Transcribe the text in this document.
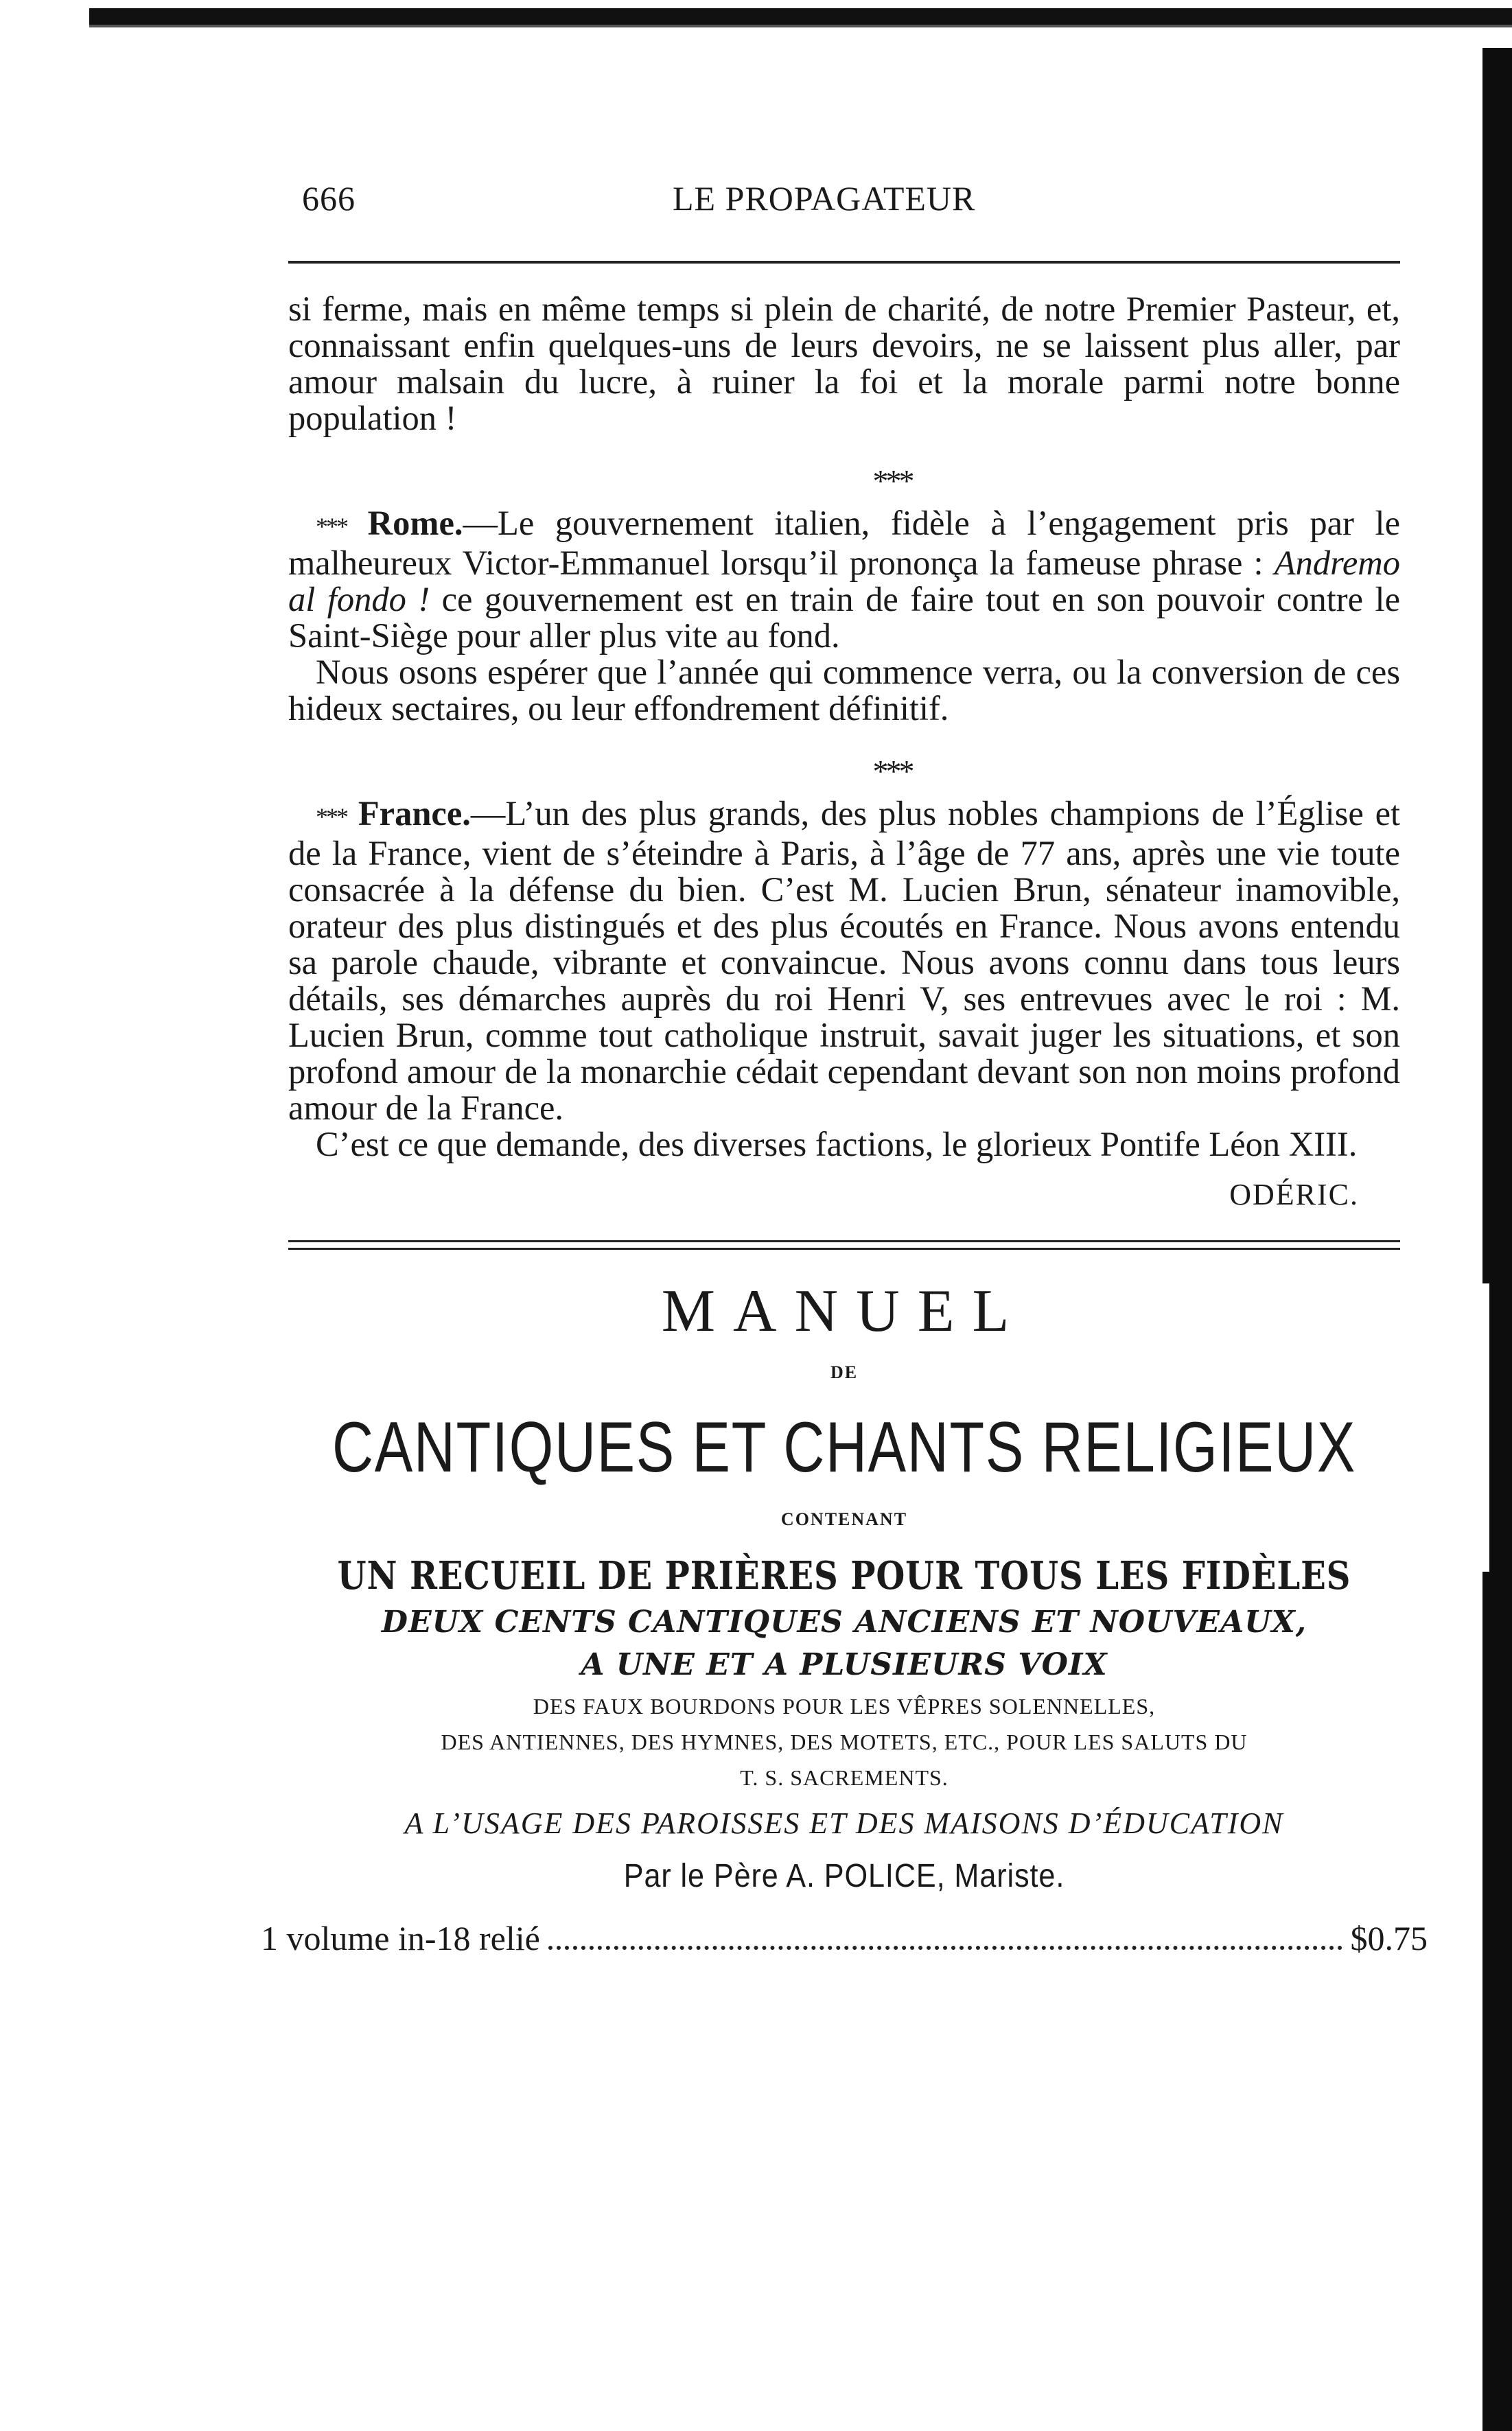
666	LE PROPAGATEUR

si ferme, mais en même temps si plein de charité, de notre Premier Pasteur, et, connaissant enfin quelques-uns de leurs devoirs, ne se laissent plus aller, par amour malsain du lucre, à ruiner la foi et la morale parmi notre bonne population !

***

*** Rome.—Le gouvernement italien, fidèle à l’engagement pris par le malheureux Victor-Emmanuel lorsqu’il prononça la fameuse phrase : Andremo al fondo ! ce gouvernement est en train de faire tout en son pouvoir contre le Saint-Siège pour aller plus vite au fond.

Nous osons espérer que l’année qui commence verra, ou la conversion de ces hideux sectaires, ou leur effondrement définitif.

***

*** France.—L’un des plus grands, des plus nobles champions de l’Église et de la France, vient de s’éteindre à Paris, à l’âge de 77 ans, après une vie toute consacrée à la défense du bien. C’est M. Lucien Brun, sénateur inamovible, orateur des plus distingués et des plus écoutés en France. Nous avons entendu sa parole chaude, vibrante et convaincue. Nous avons connu dans tous leurs détails, ses démarches auprès du roi Henri V, ses entrevues avec le roi : M. Lucien Brun, comme tout catholique instruit, savait juger les situations, et son profond amour de la monarchie cédait cependant devant son non moins profond amour de la France.

C’est ce que demande, des diverses factions, le glorieux Pontife Léon XIII.

ODÉRIC.
MANUEL
DE
CANTIQUES ET CHANTS RELIGIEUX
CONTENANT
UN RECUEIL DE PRIÈRES POUR TOUS LES FIDÈLES
DEUX CENTS CANTIQUES ANCIENS ET NOUVEAUX,
A UNE ET A PLUSIEURS VOIX
DES FAUX BOURDONS POUR LES VÊPRES SOLENNELLES,
DES ANTIENNES, DES HYMNES, DES MOTETS, ETC., POUR LES SALUTS DU
T. S. SACREMENTS.
A L’USAGE DES PAROISSES ET DES MAISONS D’ÉDUCATION
Par le Père A. POLICE, Mariste.
1 volume in-18 relié	$0.75
